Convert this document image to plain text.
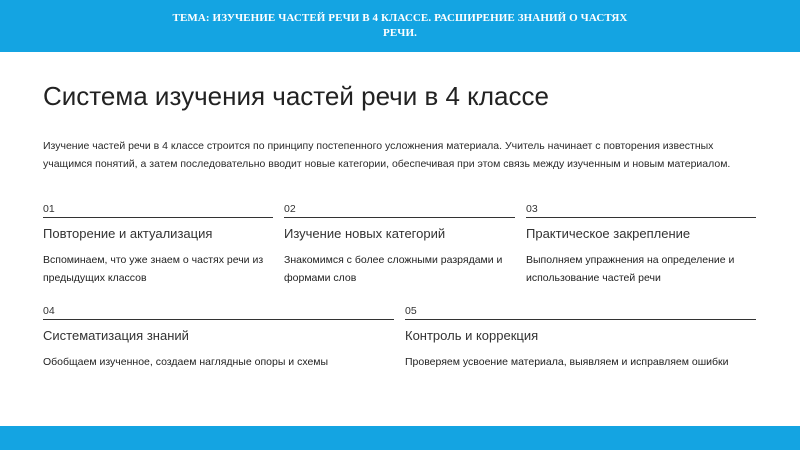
ТЕМА: ИЗУЧЕНИЕ ЧАСТЕЙ РЕЧИ В 4 КЛАССЕ. РАСШИРЕНИЕ ЗНАНИЙ О ЧАСТЯХ РЕЧИ.
Система изучения частей речи в 4 классе

Изучение частей речи в 4 классе строится по принципу постепенного усложнения материала. Учитель начинает с повторения известных учащимся понятий, а затем последовательно вводит новые категории, обеспечивая при этом связь между изученным и новым материалом.

01
Повторение и актуализация
Вспоминаем, что уже знаем о частях речи из предыдущих классов
02
Изучение новых категорий
Знакомимся с более сложными разрядами и формами слов
03
Практическое закрепление
Выполняем упражнения на определение и использование частей речи
04
Систематизация знаний
Обобщаем изученное, создаем наглядные опоры и схемы
05
Контроль и коррекция
Проверяем усвоение материала, выявляем и исправляем ошибки
